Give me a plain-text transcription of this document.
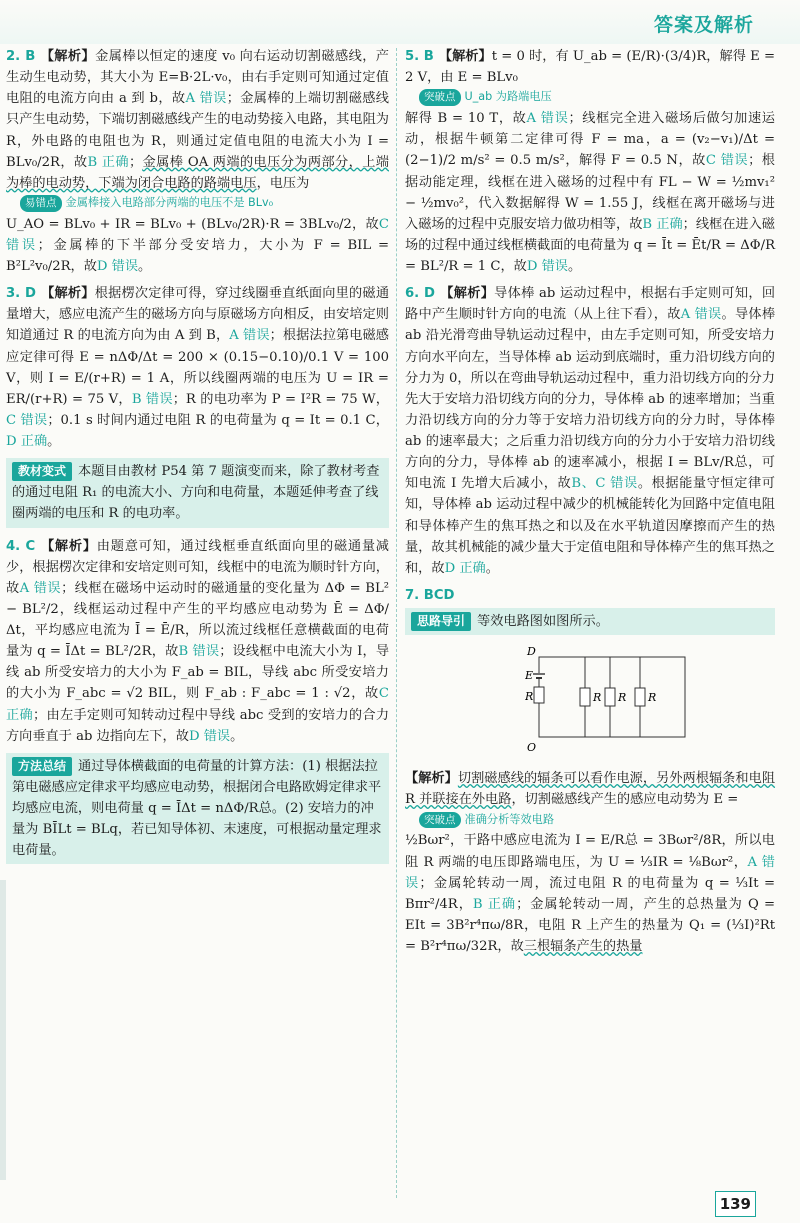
答案及解析

2. B 【解析】金属棒以恒定的速度 v₀ 向右运动切割磁感线，产生动生电动势，其大小为 E=B·2L·v₀，由右手定则可知通过定值电阻的电流方向由 a 到 b，故A 错误；金属棒的上端切割磁感线只产生电动势，下端切割磁感线产生的电动势接入电路，其电阻为 R，外电路的电阻也为 R，则通过定值电阻的电流大小为 I = BLv₀/2R，故B 正确；金属棒 OA 两端的电压分为两部分，上端为棒的电动势，下端为闭合电路的路端电压，电压为
易错点 金属棒接入电路部分两端的电压不是 BLv₀
U_AO = BLv₀ + IR = BLv₀ + (BLv₀/2R)·R = 3BLv₀/2，故C 错误；金属棒的下半部分受安培力，大小为 F = BIL = B²L²v₀/2R，故D 错误。

3. D 【解析】根据楞次定律可得，穿过线圈垂直纸面向里的磁通量增大，感应电流产生的磁场方向与原磁场方向相反，由安培定则知道通过 R 的电流方向为由 A 到 B，A 错误；根据法拉第电磁感应定律可得 E = nΔΦ/Δt = 200 × (0.15−0.10)/0.1 V = 100 V，则 I = E/(r+R) = 1 A，所以线圈两端的电压为 U = IR = ER/(r+R) = 75 V，B 错误；R 的电功率为 P = I²R = 75 W，C 错误；0.1 s 时间内通过电阻 R 的电荷量为 q = It = 0.1 C，D 正确。

教材变式 本题目由教材 P54 第 7 题演变而来，除了教材考查的通过电阻 R₁ 的电流大小、方向和电荷量，本题延伸考查了线圈两端的电压和 R 的电功率。

4. C 【解析】由题意可知，通过线框垂直纸面向里的磁通量减少，根据楞次定律和安培定则可知，线框中的电流为顺时针方向，故A 错误；线框在磁场中运动时的磁通量的变化量为 ΔΦ = BL² − BL²/2，线框运动过程中产生的平均感应电动势为 Ē = ΔΦ/Δt，平均感应电流为 Ī = Ē/R，所以流过线框任意横截面的电荷量为 q = ĪΔt = BL²/2R，故B 错误；设线框中电流大小为 I，导线 ab 所受安培力的大小为 F_ab = BIL，导线 abc 所受安培力的大小为 F_abc = √2 BIL，则 F_ab : F_abc = 1 : √2，故C 正确；由左手定则可知转动过程中导线 abc 受到的安培力的合力方向垂直于 ab 边指向左下，故D 错误。

方法总结 通过导体横截面的电荷量的计算方法：(1) 根据法拉第电磁感应定律求平均感应电动势，根据闭合电路欧姆定律求平均感应电流，则电荷量 q = ĪΔt = nΔΦ/R总。(2) 安培力的冲量为 BĪLt = BLq，若已知导体初、末速度，可根据动量定理求电荷量。

5. B 【解析】t = 0 时，有 U_ab = (E/R)·(3/4)R，解得 E = 2 V，由 E = BLv₀
突破点 U_ab 为路端电压
解得 B = 10 T，故A 错误；线框完全进入磁场后做匀加速运动，根据牛顿第二定律可得 F = ma，a = (v₂−v₁)/Δt = (2−1)/2 m/s² = 0.5 m/s²，解得 F = 0.5 N，故C 错误；根据动能定理，线框在进入磁场的过程中有 FL − W = ½mv₁² − ½mv₀²，代入数据解得 W = 1.55 J，线框在离开磁场与进入磁场的过程中克服安培力做功相等，故B 正确；线框在进入磁场的过程中通过线框横截面的电荷量为 q = Īt = Ēt/R = ΔΦ/R = BL²/R = 1 C，故D 错误。

6. D 【解析】导体棒 ab 运动过程中，根据右手定则可知，回路中产生顺时针方向的电流（从上往下看），故A 错误。导体棒 ab 沿光滑弯曲导轨运动过程中，由左手定则可知，所受安培力方向水平向左，当导体棒 ab 运动到底端时，重力沿切线方向的分力为 0，所以在弯曲导轨运动过程中，重力沿切线方向的分力先大于安培力沿切线方向的分力，导体棒 ab 的速率增加；当重力沿切线方向的分力等于安培力沿切线方向的分力时，导体棒 ab 的速率最大；之后重力沿切线方向的分力小于安培力沿切线方向的分力，导体棒 ab 的速率减小，根据 I = BLv/R总，可知电流 I 先增大后减小，故B、C 错误。根据能量守恒定律可知，导体棒 ab 运动过程中减少的机械能转化为回路中定值电阻和导体棒产生的焦耳热之和以及在水平轨道因摩擦而产生的热量，故其机械能的减少量大于定值电阻和导体棒产生的焦耳热之和，故D 正确。

7. BCD

思路导引 等效电路图如图所示。
D
E
R
O
R R R

【解析】切割磁感线的辐条可以看作电源，另外两根辐条和电阻 R 并联接在外电路，切割磁感线产生的感应电动势为 E =
突破点 准确分析等效电路
½Bωr²，干路中感应电流为 I = E/R总 = 3Bωr²/8R，所以电阻 R 两端的电压即路端电压，为 U = ⅓IR = ⅛Bωr²，A 错误；金属轮转动一周，流过电阻 R 的电荷量为 q = ⅓It = Bπr²/4R，B 正确；金属轮转动一周，产生的总热量为 Q = EIt = 3B²r⁴πω/8R，电阻 R 上产生的热量为 Q₁ = (⅓I)²Rt = B²r⁴πω/32R，故三根辐条产生的热量

139
